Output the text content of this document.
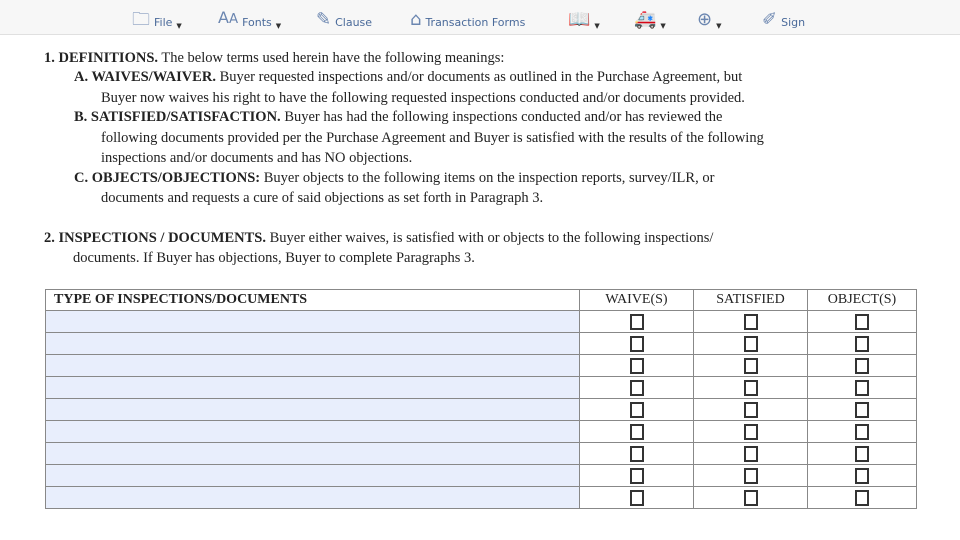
🗀 File ▼ AA Fonts ▼ ✎ Clause ⌂ Transaction Forms 📖 ▼ 🚑 ▼ ⊕ ▼ ✐ Sign
1. DEFINITIONS. The below terms used herein have the following meanings:
A. WAIVES/WAIVER. Buyer requested inspections and/or documents as outlined in the Purchase Agreement, but
Buyer now waives his right to have the following requested inspections conducted and/or documents provided.
B. SATISFIED/SATISFACTION. Buyer has had the following inspections conducted and/or has reviewed the
following documents provided per the Purchase Agreement and Buyer is satisfied with the results of the following
inspections and/or documents and has NO objections.
C. OBJECTS/OBJECTIONS: Buyer objects to the following items on the inspection reports, survey/ILR, or
documents and requests a cure of said objections as set forth in Paragraph 3.
2. INSPECTIONS / DOCUMENTS. Buyer either waives, is satisfied with or objects to the following inspections/
documents. If Buyer has objections, Buyer to complete Paragraphs 3.
TYPE OF INSPECTIONS/DOCUMENTS	WAIVE(S)	SATISFIED	OBJECT(S)
